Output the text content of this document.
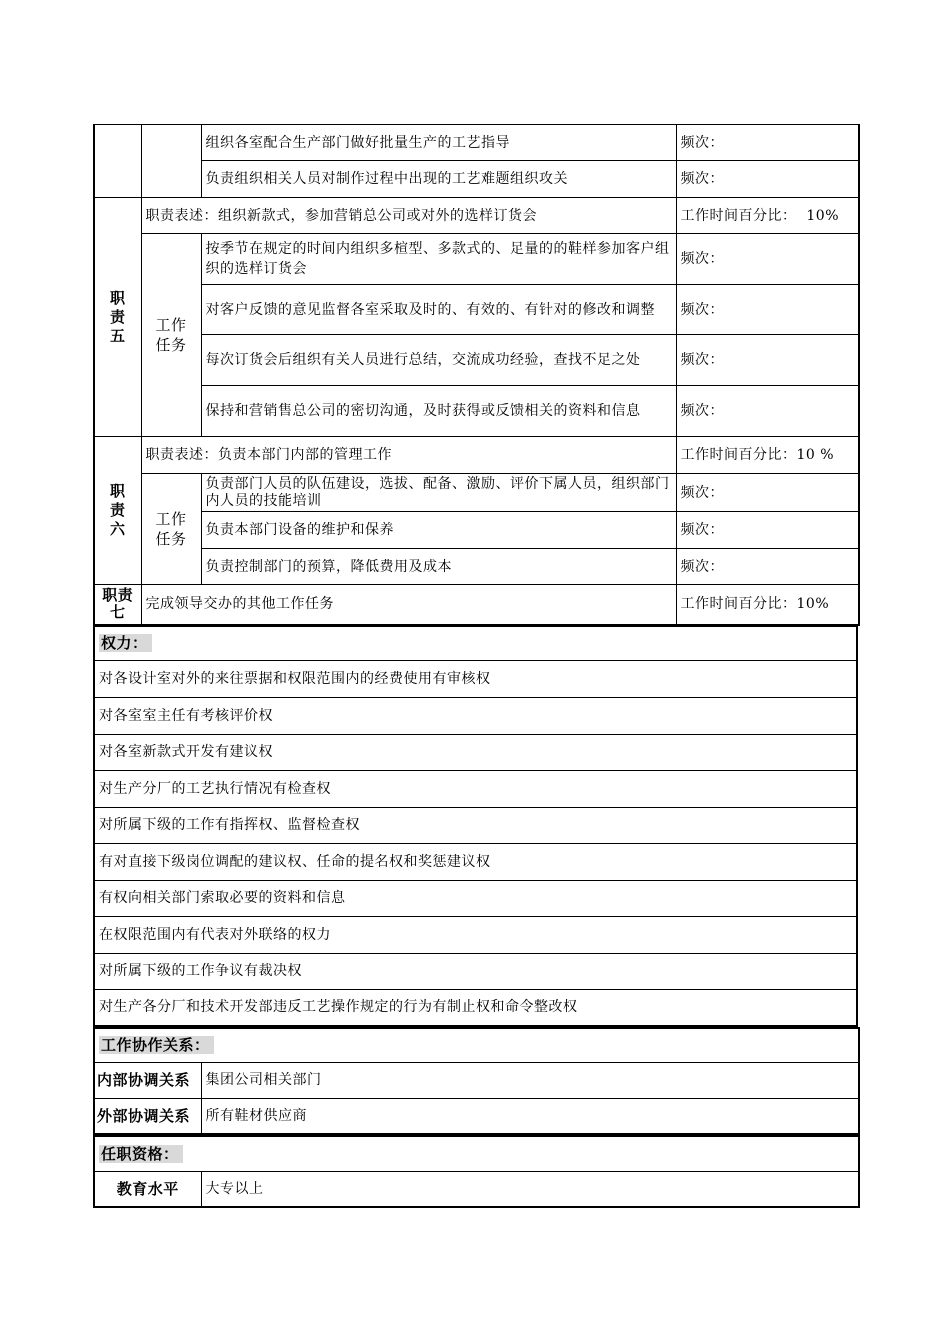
		组织各室配合生产部门做好批量生产的工艺指导	频次：
		负责组织相关人员对制作过程中出现的工艺难题组织攻关	频次：

职责五	职责表述：组织新款式，参加营销总公司或对外的选样订货会		工作时间百分比：  10%

	工作任务	按季节在规定的时间内组织多楦型、多款式的、足量的的鞋样参加客户组织的选样订货会	频次：
		对客户反馈的意见监督各室采取及时的、有效的、有针对的修改和调整	频次：
		每次订货会后组织有关人员进行总结，交流成功经验，查找不足之处	频次：
		保持和营销售总公司的密切沟通，及时获得或反馈相关的资料和信息	频次：

职责六	职责表述：负责本部门内部的管理工作		工作时间百分比：10 %

	工作任务	负责部门人员的队伍建设，选拔、配备、激励、评价下属人员，组织部门内人员的技能培训	频次：
		负责本部门设备的维护和保养	频次：
		负责控制部门的预算，降低费用及成本	频次：

职责七	完成领导交办的其他工作任务		工作时间百分比：10%
权力：
对各设计室对外的来往票据和权限范围内的经费使用有审核权
对各室室主任有考核评价权
对各室新款式开发有建议权
对生产分厂的工艺执行情况有检查权
对所属下级的工作有指挥权、监督检查权
有对直接下级岗位调配的建议权、任命的提名权和奖惩建议权
有权向相关部门索取必要的资料和信息
在权限范围内有代表对外联络的权力
对所属下级的工作争议有裁决权
对生产各分厂和技术开发部违反工艺操作规定的行为有制止权和命令整改权
工作协作关系：	
内部协调关系	集团公司相关部门
外部协调关系	所有鞋材供应商
任职资格：
教育水平	大专以上
